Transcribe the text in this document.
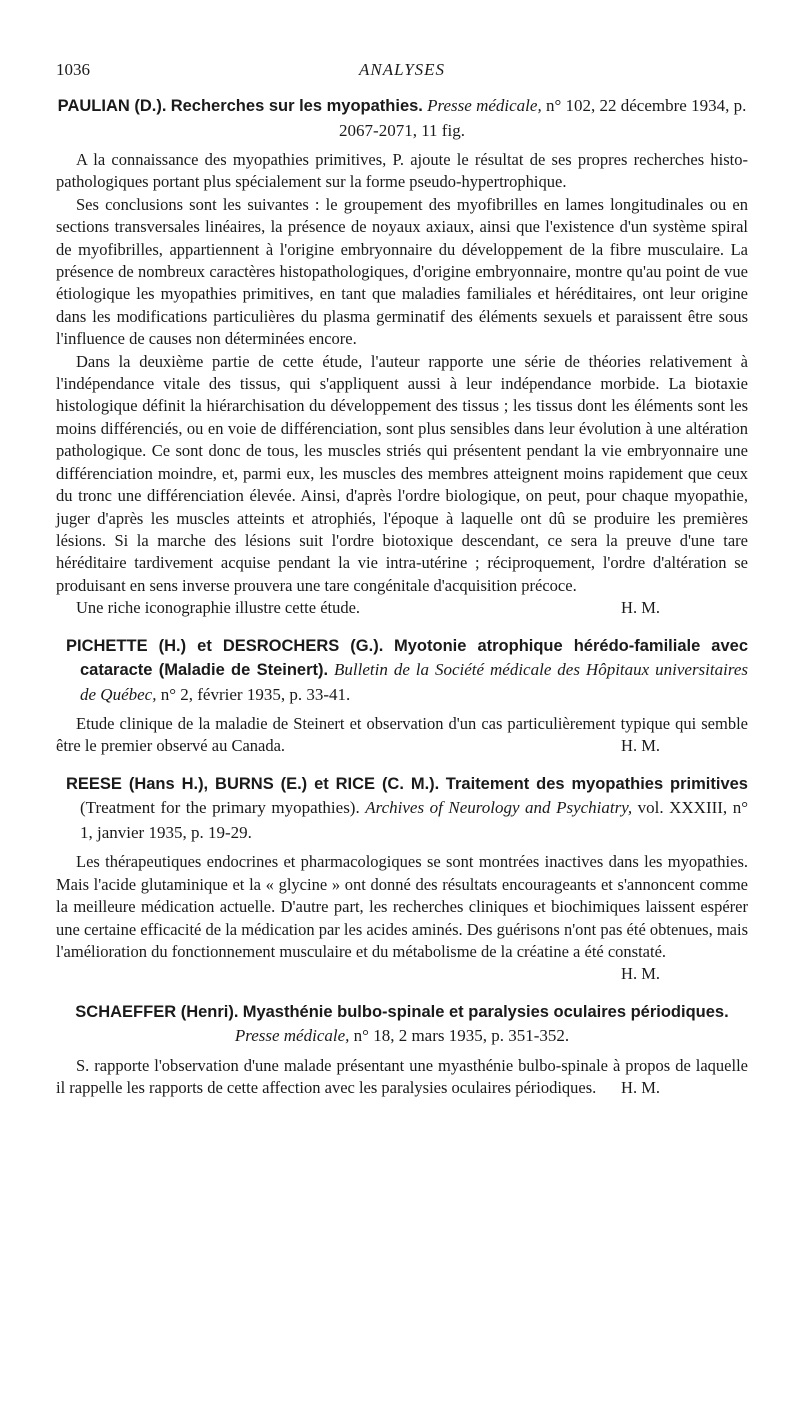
1036	ANALYSES

PAULIAN (D.). Recherches sur les myopathies. Presse médicale, n° 102, 22 décembre 1934, p. 2067-2071, 11 fig.

A la connaissance des myopathies primitives, P. ajoute le résultat de ses propres recherches histo-pathologiques portant plus spécialement sur la forme pseudo-hypertrophique.

Ses conclusions sont les suivantes : le groupement des myofibrilles en lames longitudinales ou en sections transversales linéaires, la présence de noyaux axiaux, ainsi que l'existence d'un système spiral de myofibrilles, appartiennent à l'origine embryonnaire du développement de la fibre musculaire. La présence de nombreux caractères histopathologiques, d'origine embryonnaire, montre qu'au point de vue étiologique les myopathies primitives, en tant que maladies familiales et héréditaires, ont leur origine dans les modifications particulières du plasma germinatif des éléments sexuels et paraissent être sous l'influence de causes non déterminées encore.

Dans la deuxième partie de cette étude, l'auteur rapporte une série de théories relativement à l'indépendance vitale des tissus, qui s'appliquent aussi à leur indépendance morbide. La biotaxie histologique définit la hiérarchisation du développement des tissus ; les tissus dont les éléments sont les moins différenciés, ou en voie de différenciation, sont plus sensibles dans leur évolution à une altération pathologique. Ce sont donc de tous, les muscles striés qui présentent pendant la vie embryonnaire une différenciation moindre, et, parmi eux, les muscles des membres atteignent moins rapidement que ceux du tronc une différenciation élevée. Ainsi, d'après l'ordre biologique, on peut, pour chaque myopathie, juger d'après les muscles atteints et atrophiés, l'époque à laquelle ont dû se produire les premières lésions. Si la marche des lésions suit l'ordre biotoxique descendant, ce sera la preuve d'une tare héréditaire tardivement acquise pendant la vie intra-utérine ; réciproquement, l'ordre d'altération se produisant en sens inverse prouvera une tare congénitale d'acquisition précoce.

Une riche iconographie illustre cette étude.	H. M.

PICHETTE (H.) et DESROCHERS (G.). Myotonie atrophique hérédo-familiale avec cataracte (Maladie de Steinert). Bulletin de la Société médicale des Hôpitaux universitaires de Québec, n° 2, février 1935, p. 33-41.

Etude clinique de la maladie de Steinert et observation d'un cas particulièrement typique qui semble être le premier observé au Canada.	H. M.

REESE (Hans H.), BURNS (E.) et RICE (C. M.). Traitement des myopathies primitives (Treatment for the primary myopathies). Archives of Neurology and Psychiatry, vol. XXXIII, n° 1, janvier 1935, p. 19-29.

Les thérapeutiques endocrines et pharmacologiques se sont montrées inactives dans les myopathies. Mais l'acide glutaminique et la « glycine » ont donné des résultats encourageants et s'annoncent comme la meilleure médication actuelle. D'autre part, les recherches cliniques et biochimiques laissent espérer une certaine efficacité de la médication par les acides aminés. Des guérisons n'ont pas été obtenues, mais l'amélioration du fonctionnement musculaire et du métabolisme de la créatine a été constaté.

H. M.

SCHAEFFER (Henri). Myasthénie bulbo-spinale et paralysies oculaires périodiques. Presse médicale, n° 18, 2 mars 1935, p. 351-352.

S. rapporte l'observation d'une malade présentant une myasthénie bulbo-spinale à propos de laquelle il rappelle les rapports de cette affection avec les paralysies oculaires périodiques.	H. M.
